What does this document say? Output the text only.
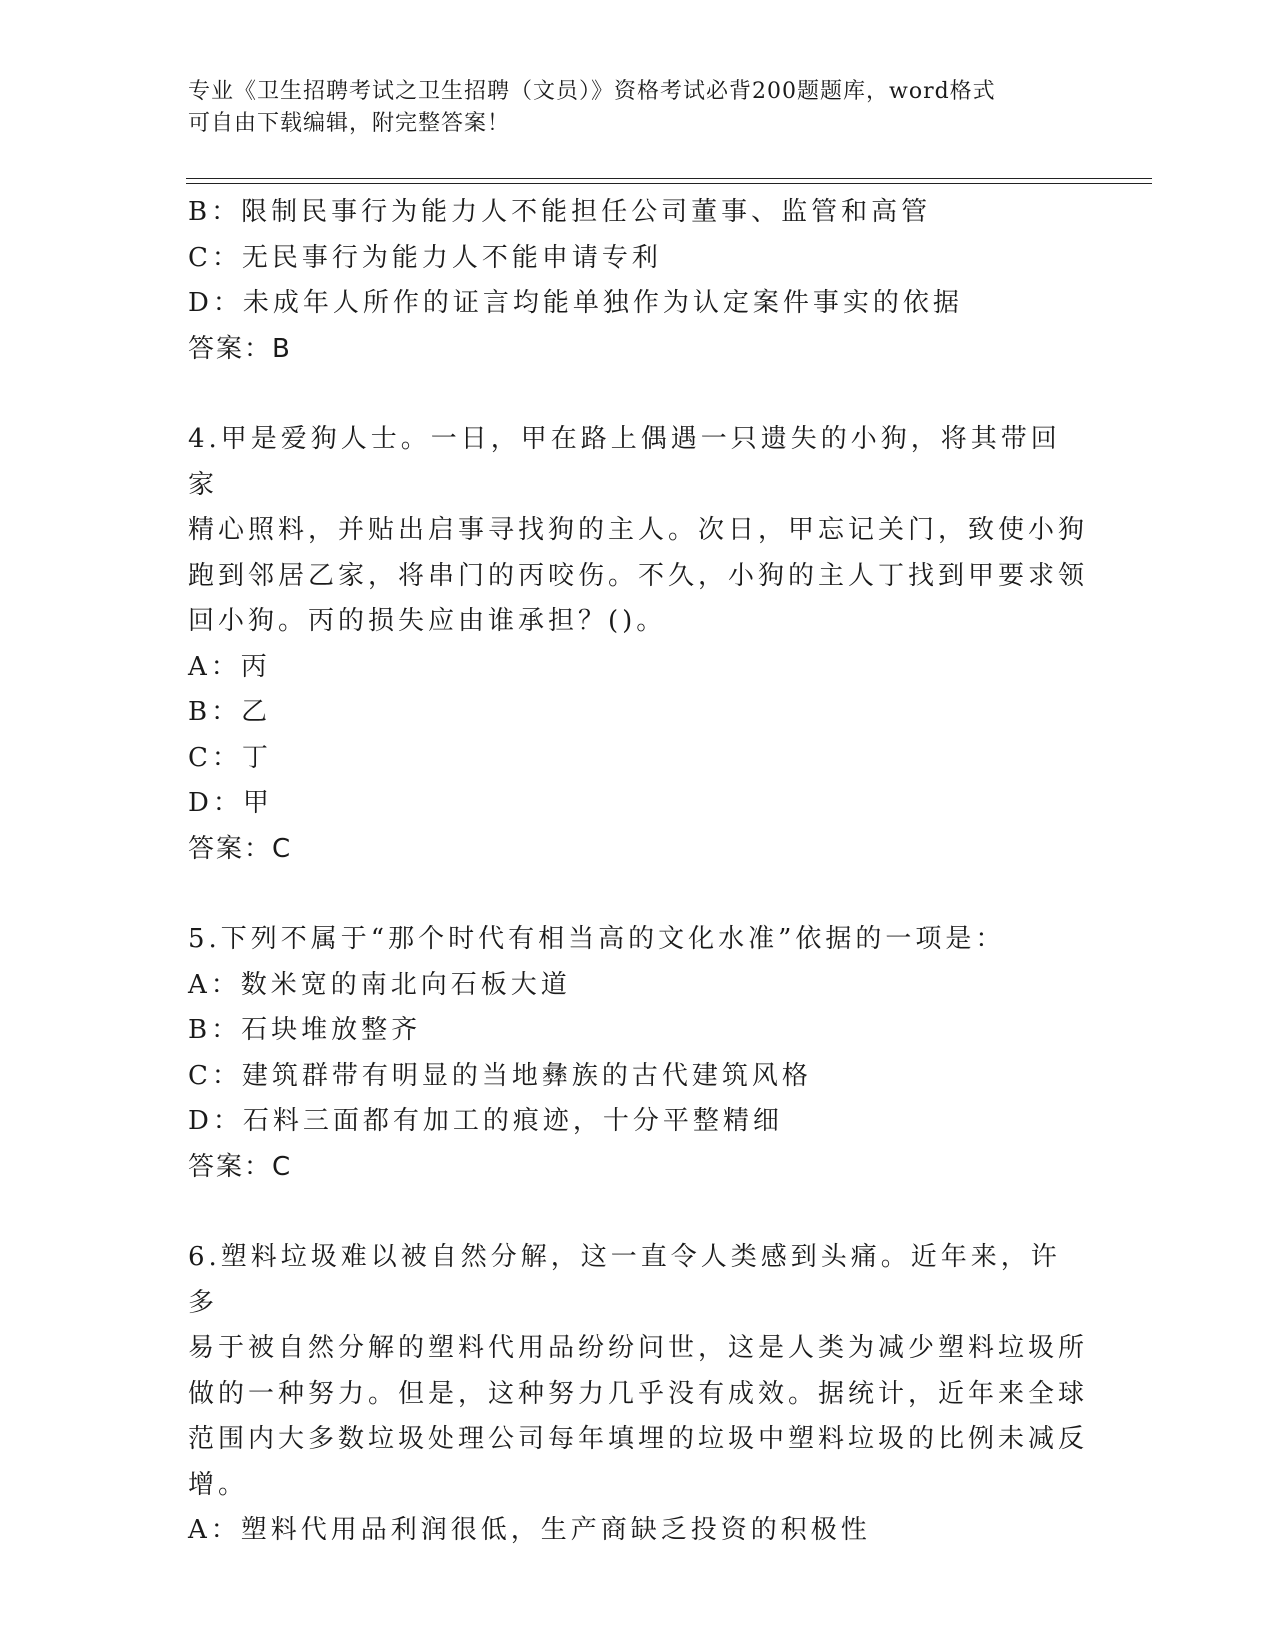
专业《卫生招聘考试之卫生招聘（文员）》资格考试必背200题题库，word格式
可自由下载编辑，附完整答案！
B：限制民事行为能力人不能担任公司董事、监管和高管
C：无民事行为能力人不能申请专利
D：未成年人所作的证言均能单独作为认定案件事实的依据
答案：B
4.甲是爱狗人士。一日，甲在路上偶遇一只遗失的小狗，将其带回家
精心照料，并贴出启事寻找狗的主人。次日，甲忘记关门，致使小狗
跑到邻居乙家，将串门的丙咬伤。不久，小狗的主人丁找到甲要求领
回小狗。丙的损失应由谁承担？()。
A：丙
B：乙
C：丁
D：甲
答案：C
5.下列不属于“那个时代有相当高的文化水准”依据的一项是：
A：数米宽的南北向石板大道
B：石块堆放整齐
C：建筑群带有明显的当地彝族的古代建筑风格
D：石料三面都有加工的痕迹，十分平整精细
答案：C
6.塑料垃圾难以被自然分解，这一直令人类感到头痛。近年来，许多
易于被自然分解的塑料代用品纷纷问世，这是人类为减少塑料垃圾所
做的一种努力。但是，这种努力几乎没有成效。据统计，近年来全球
范围内大多数垃圾处理公司每年填埋的垃圾中塑料垃圾的比例未减反
增。
A：塑料代用品利润很低，生产商缺乏投资的积极性
